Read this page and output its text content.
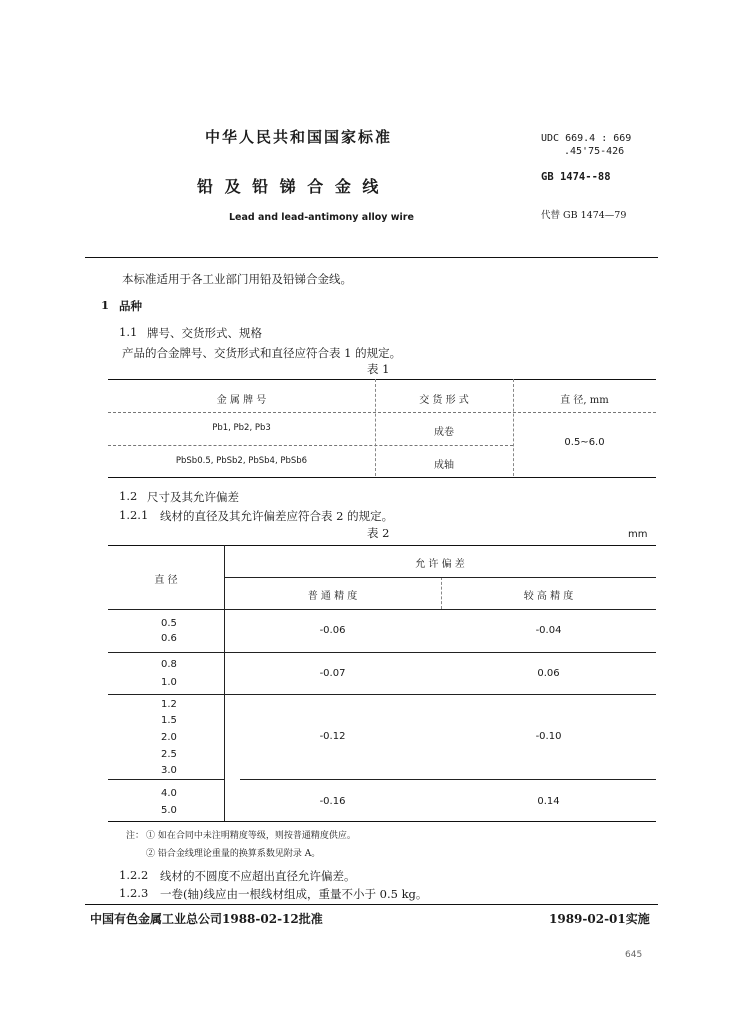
中华人民共和国国家标准
铅 及 铅 锑 合 金 线
Lead and lead-antimony alloy wire
UDC 669.4 : 669
.45'75-426
GB 1474--88
代替 GB 1474—79
本标准适用于各工业部门用铅及铅锑合金线。
1 品种
1.1 牌号、交货形式、规格
产品的合金牌号、交货形式和直径应符合表 1 的规定。
表 1
金 属 牌 号	交 货 形 式	直 径, mm
Pb1, Pb2, Pb3	成卷
PbSb0.5, PbSb2, PbSb4, PbSb6	成轴
0.5~6.0
1.2 尺寸及其允许偏差
1.2.1 线材的直径及其允许偏差应符合表 2 的规定。
表 2	mm
直 径
允 许 偏 差
普 通 精 度	较 高 精 度
0.5
0.6
-0.06	-0.04
0.8
1.0
-0.07	0.06
1.2
1.5
2.0
2.5
3.0
-0.12	-0.10
4.0
5.0
-0.16	0.14
注： ① 如在合同中未注明精度等级，则按普通精度供应。
② 铅合金线理论重量的换算系数见附录 A。
1.2.2 线材的不圆度不应超出直径允许偏差。
1.2.3 一卷(轴)线应由一根线材组成，重量不小于 0.5 kg。
中国有色金属工业总公司1988-02-12批准	1989-02-01实施
645
